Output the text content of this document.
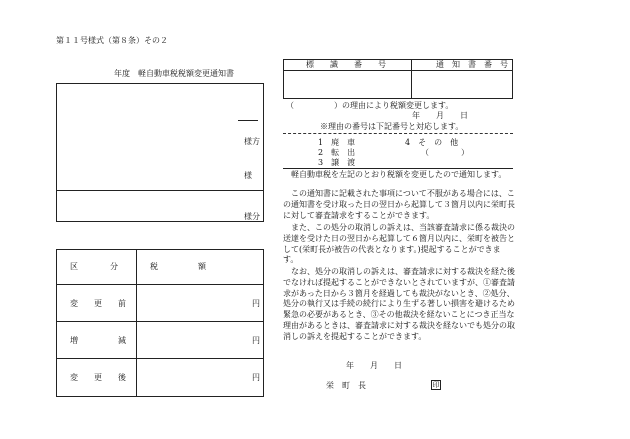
第１１号様式（第８条）その２
年度　軽自動車税税額変更通知書
様方
様
様分
区　　　　分	税　　　　　額
変　　更　　前	円
増　　　　　減	円
変　　更　　後	円
標　　識　　番　　号	通　知　書　番　号
（　　　　　）の理由により税額変更します。
年　　月　　日
※理由の番号は下記番号と対応します。
1　廃　車
2　転　出
3　譲　渡
4　そ　の　他
（　　　　）

軽自動車税を左記のとおり税額を変更したので通知します。

この通知書に記載された事項について不服がある場合には、この通知書を受け取った日の翌日から起算して３箇月以内に栄町長に対して審査請求をすることができます。

また、この処分の取消しの訴えは、当該審査請求に係る裁決の送達を受けた日の翌日から起算して６箇月以内に、栄町を被告として(栄町長が被告の代表となります。)提起することができます。

なお、処分の取消しの訴えは、審査請求に対する裁決を経た後でなければ提起することができないとされていますが、①審査請求があった日から３箇月を経過しても裁決がないとき、②処分、処分の執行又は手続の続行により生ずる著しい損害を避けるため緊急の必要があるとき、③その他裁決を経ないことにつき正当な理由があるときは、審査請求に対する裁決を経ないでも処分の取消しの訴えを提起することができます。

年　　月　　日
栄　町　長	印
